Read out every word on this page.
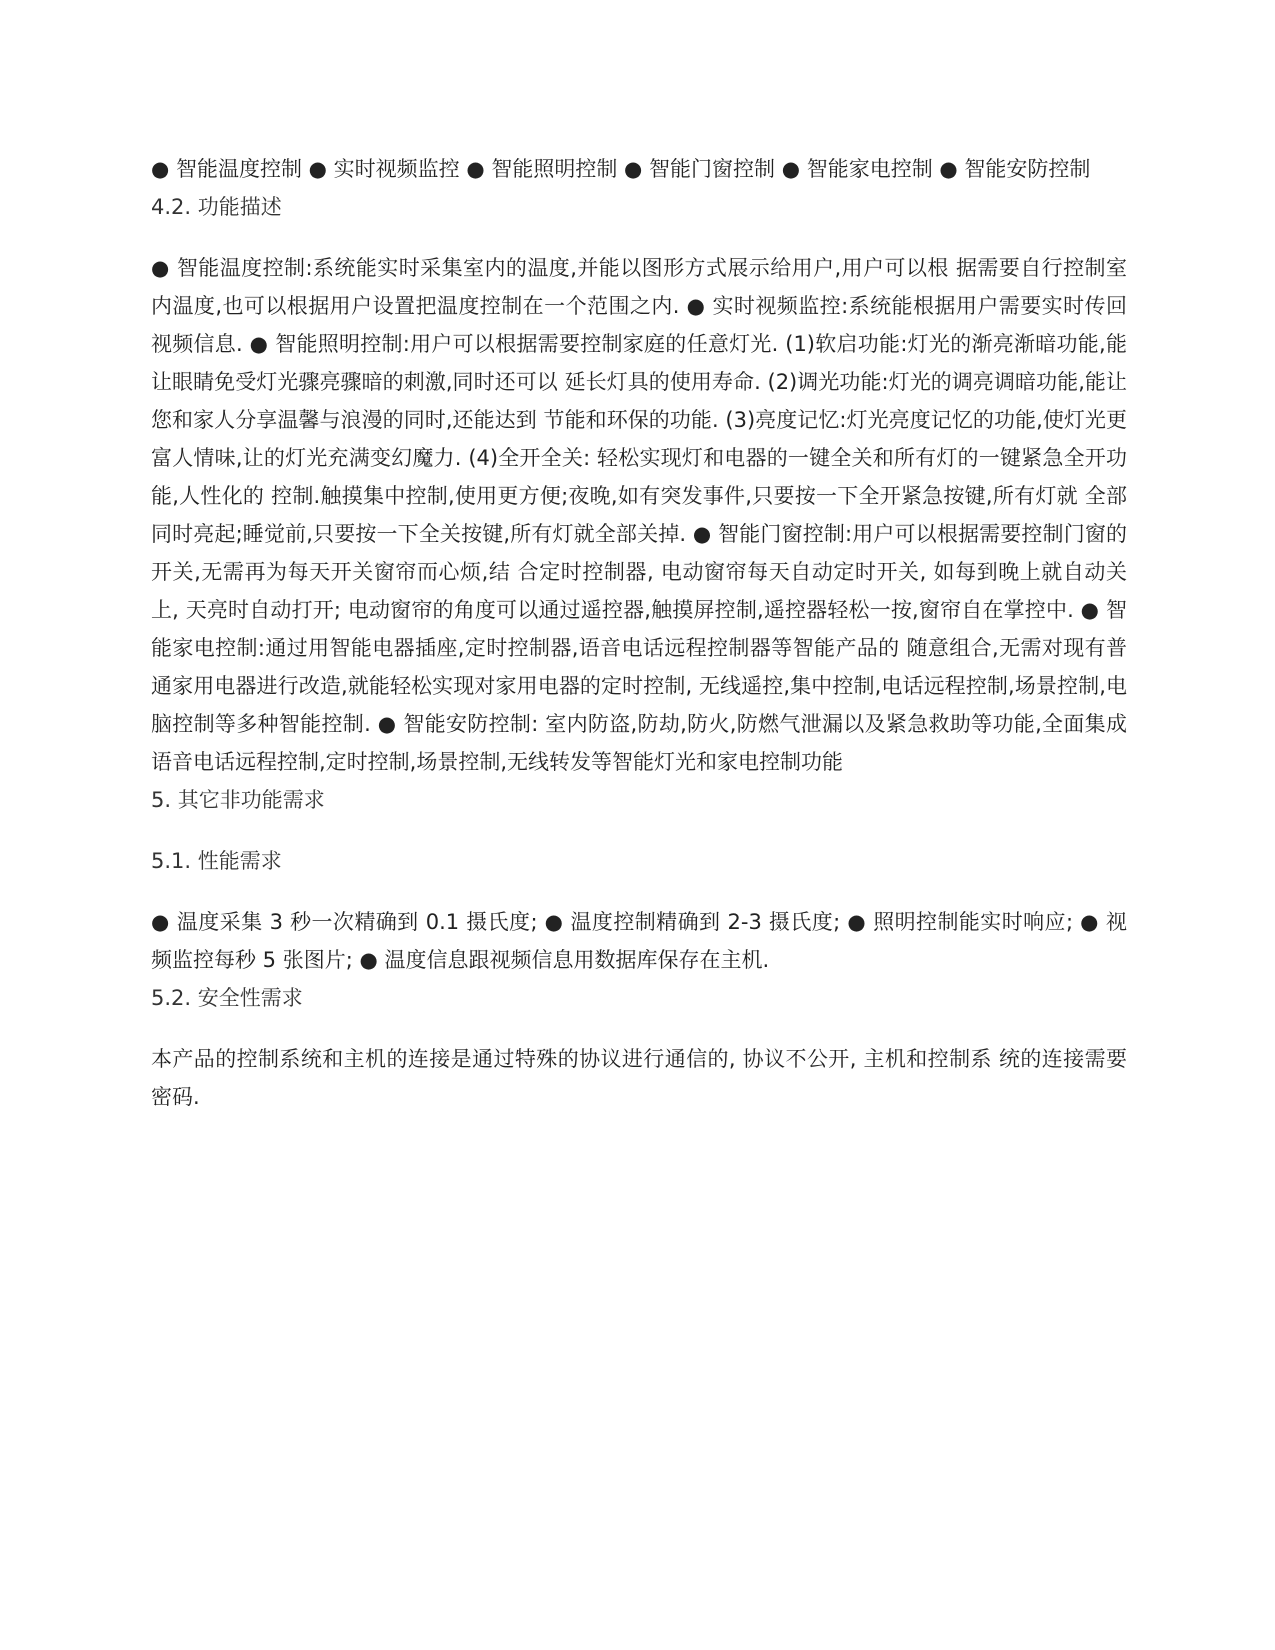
● 智能温度控制 ● 实时视频监控 ● 智能照明控制 ● 智能门窗控制 ● 智能家电控制 ● 智能安防控制

4.2. 功能描述

● 智能温度控制:系统能实时采集室内的温度,并能以图形方式展示给用户,用户可以根 据需要自行控制室内温度,也可以根据用户设置把温度控制在一个范围之内. ● 实时视频监控:系统能根据用户需要实时传回视频信息. ● 智能照明控制:用户可以根据需要控制家庭的任意灯光. (1)软启功能:灯光的渐亮渐暗功能,能让眼睛免受灯光骤亮骤暗的刺激,同时还可以 延长灯具的使用寿命. (2)调光功能:灯光的调亮调暗功能,能让您和家人分享温馨与浪漫的同时,还能达到 节能和环保的功能. (3)亮度记忆:灯光亮度记忆的功能,使灯光更富人情味,让的灯光充满变幻魔力. (4)全开全关: 轻松实现灯和电器的一键全关和所有灯的一键紧急全开功能,人性化的 控制.触摸集中控制,使用更方便;夜晚,如有突发事件,只要按一下全开紧急按键,所有灯就 全部同时亮起;睡觉前,只要按一下全关按键,所有灯就全部关掉. ● 智能门窗控制:用户可以根据需要控制门窗的开关,无需再为每天开关窗帘而心烦,结 合定时控制器, 电动窗帘每天自动定时开关, 如每到晚上就自动关上, 天亮时自动打开; 电动窗帘的角度可以通过遥控器,触摸屏控制,遥控器轻松一按,窗帘自在掌控中. ● 智能家电控制:通过用智能电器插座,定时控制器,语音电话远程控制器等智能产品的 随意组合,无需对现有普通家用电器进行改造,就能轻松实现对家用电器的定时控制, 无线遥控,集中控制,电话远程控制,场景控制,电脑控制等多种智能控制. ● 智能安防控制: 室内防盗,防劫,防火,防燃气泄漏以及紧急救助等功能,全面集成 语音电话远程控制,定时控制,场景控制,无线转发等智能灯光和家电控制功能

5. 其它非功能需求

5.1. 性能需求

● 温度采集 3 秒一次精确到 0.1 摄氏度; ● 温度控制精确到 2-3 摄氏度; ● 照明控制能实时响应; ● 视频监控每秒 5 张图片; ● 温度信息跟视频信息用数据库保存在主机.

5.2. 安全性需求

本产品的控制系统和主机的连接是通过特殊的协议进行通信的, 协议不公开, 主机和控制系 统的连接需要密码.
